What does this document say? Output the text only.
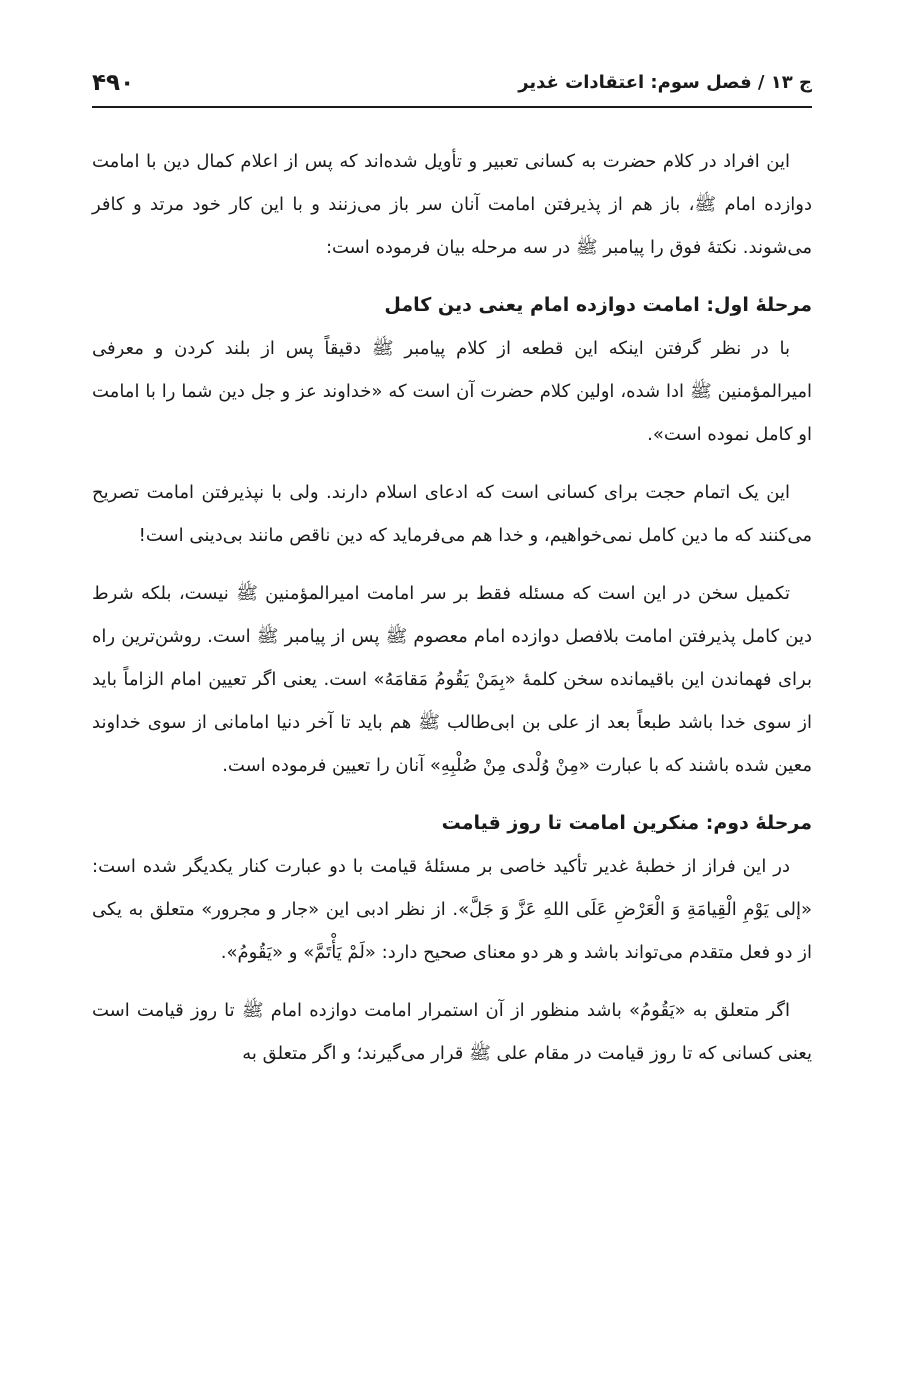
ج ۱۳ / فصل سوم: اعتقادات غدیر
۴۹۰

این افراد در کلام حضرت به کسانی تعبیر و تأویل شده‌اند که پس از اعلام کمال دین با امامت دوازده امام ﷺ، باز هم از پذیرفتن امامت آنان سر باز می‌زنند و با این کار خود مرتد و کافر می‌شوند. نکتۀ فوق را پیامبر ﷺ در سه مرحله بیان فرموده است:

مرحلۀ اول: امامت دوازده امام یعنی دین کامل

با در نظر گرفتن اینکه این قطعه از کلام پیامبر ﷺ دقیقاً پس از بلند کردن و معرفی امیرالمؤمنین ﷺ ادا شده، اولین کلام حضرت آن است که «خداوند عز و جل دین شما را با امامت او کامل نموده است».

این یک اتمام حجت برای کسانی است که ادعای اسلام دارند. ولی با نپذیرفتن امامت تصریح می‌کنند که ما دین کامل نمی‌خواهیم، و خدا هم می‌فرماید که دین ناقص مانند بی‌دینی است!

تکمیل سخن در این است که مسئله فقط بر سر امامت امیرالمؤمنین ﷺ نیست، بلکه شرط دین کامل پذیرفتن امامت بلافصل دوازده امام معصوم ﷺ پس از پیامبر ﷺ است. روشن‌ترین راه برای فهماندن این باقیمانده سخن کلمۀ «بِمَنْ یَقُومُ مَقامَهُ» است. یعنی اگر تعیین امام الزاماً باید از سوی خدا باشد طبعاً بعد از علی بن ابی‌طالب ﷺ هم باید تا آخر دنیا امامانی از سوی خداوند معین شده باشند که با عبارت «مِنْ وُلْدی مِنْ صُلْبِهِ» آنان را تعیین فرموده است.

مرحلۀ دوم: منکرین امامت تا روز قیامت

در این فراز از خطبۀ غدیر تأکید خاصی بر مسئلۀ قیامت با دو عبارت کنار یکدیگر شده است: «إلی یَوْمِ الْقِیامَةِ وَ الْعَرْضِ عَلَی اللهِ عَزَّ وَ جَلَّ». از نظر ادبی این «جار و مجرور» متعلق به یکی از دو فعل متقدم می‌تواند باشد و هر دو معنای صحیح دارد: «لَمْ یَأْتَمَّ» و «یَقُومُ».

اگر متعلق به «یَقُومُ» باشد منظور از آن استمرار امامت دوازده امام ﷺ تا روز قیامت است یعنی کسانی که تا روز قیامت در مقام علی ﷺ قرار می‌گیرند؛ و اگر متعلق به
